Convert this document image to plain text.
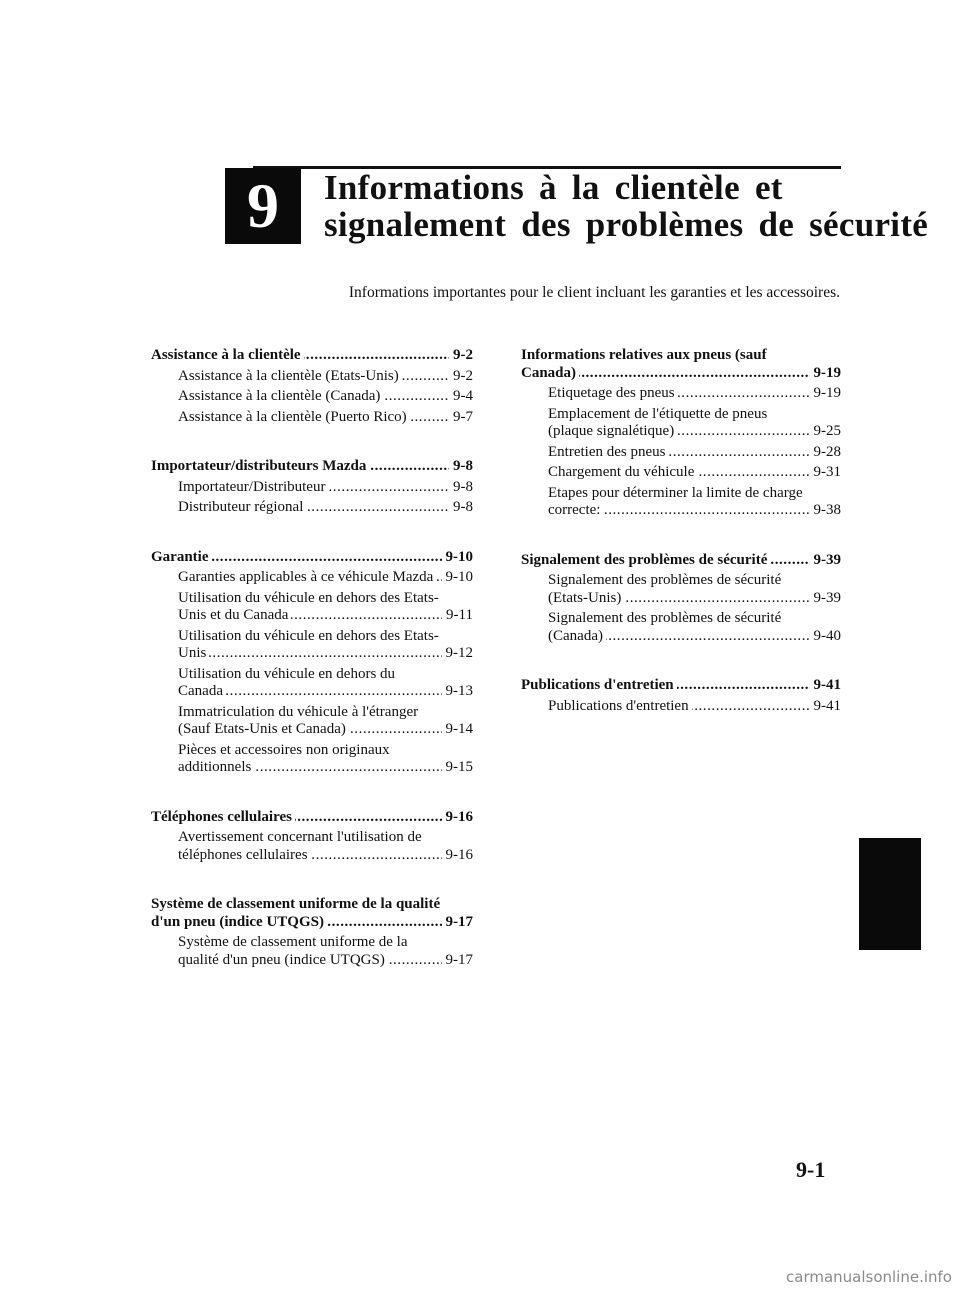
9	Informations à la clientèle et
signalement des problèmes de sécurité
Informations importantes pour le client incluant les garanties et les accessoires.
Assistance à la clientèle . . .	9-2
Assistance à la clientèle (Etats-Unis) . . .	9-2
Assistance à la clientèle (Canada) . . .	9-4
Assistance à la clientèle (Puerto Rico) . . .	9-7
Importateur/distributeurs Mazda . . .	9-8
Importateur/Distributeur . . .	9-8
Distributeur régional . . .	9-8
Garantie . . .	9-10
Garanties applicables à ce véhicule Mazda . . . 9-10
Utilisation du véhicule en dehors des Etats-Unis et du Canada . . .	9-11
Utilisation du véhicule en dehors des Etats-Unis . . .	9-12
Utilisation du véhicule en dehors du Canada . . .	9-13
Immatriculation du véhicule à l'étranger (Sauf Etats-Unis et Canada) . . .	9-14
Pièces et accessoires non originaux additionnels . . .	9-15
Téléphones cellulaires . . .	9-16
Avertissement concernant l'utilisation de téléphones cellulaires . . .	9-16
Système de classement uniforme de la qualité d'un pneu (indice UTQGS) . . .	9-17
Système de classement uniforme de la qualité d'un pneu (indice UTQGS) . . .	9-17
Informations relatives aux pneus (sauf Canada) . . .	9-19
Etiquetage des pneus . . .	9-19
Emplacement de l'étiquette de pneus (plaque signalétique) . . .	9-25
Entretien des pneus . . .	9-28
Chargement du véhicule . . .	9-31
Etapes pour déterminer la limite de charge correcte: . . .	9-38
Signalement des problèmes de sécurité . . .	9-39
Signalement des problèmes de sécurité (Etats-Unis) . . .	9-39
Signalement des problèmes de sécurité (Canada) . . .	9-40
Publications d'entretien . . .	9-41
Publications d'entretien . . .	9-41
9-1
carmanualsonline.info
